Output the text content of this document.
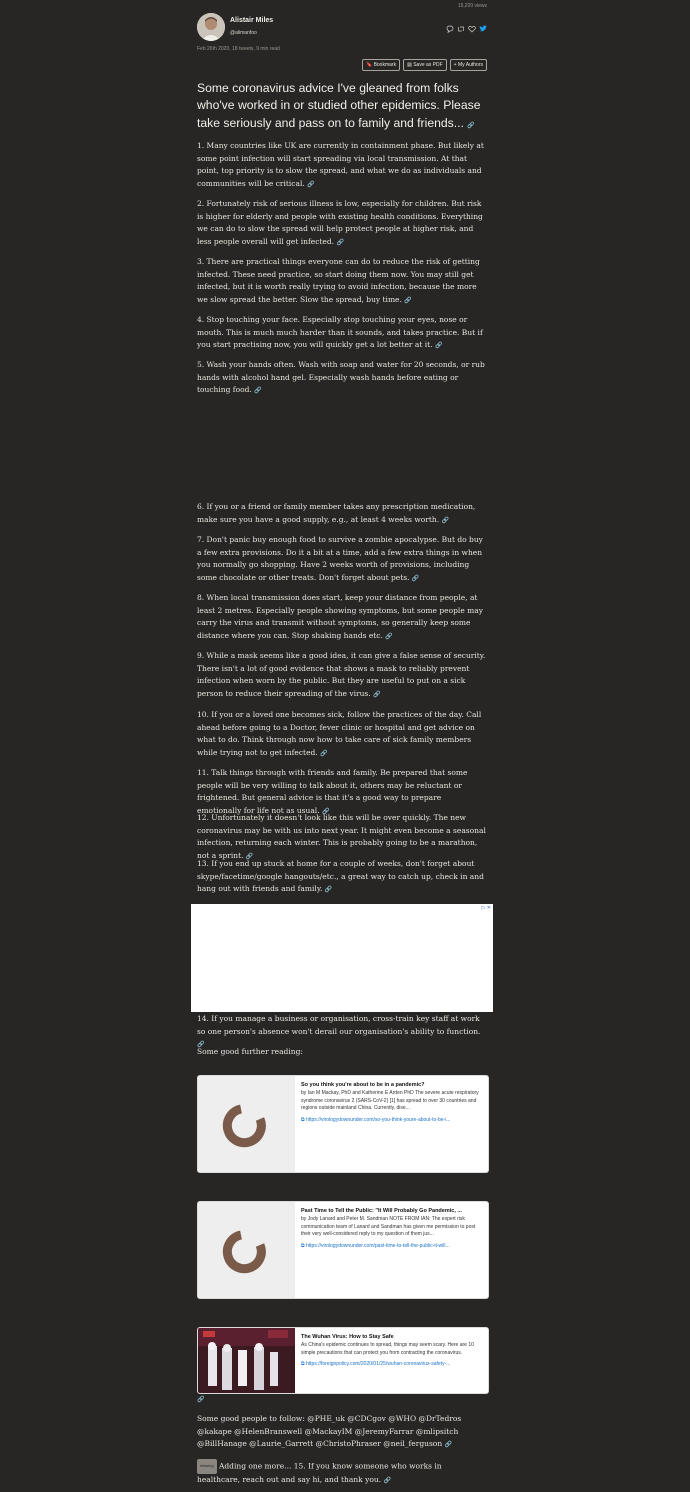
15,220 views
Alistair Miles
@alimanfoo
Feb 26th 2020, 18 tweets, 9 min read
🔖 Bookmark	▤ Save as PDF	+ My Authors
Some coronavirus advice I've gleaned from folks who've worked in or studied other epidemics. Please take seriously and pass on to family and friends... 🔗
1. Many countries like UK are currently in containment phase. But likely at some point infection will start spreading via local transmission. At that point, top priority is to slow the spread, and what we do as individuals and communities will be critical. 🔗
2. Fortunately risk of serious illness is low, especially for children. But risk is higher for elderly and people with existing health conditions. Everything we can do to slow the spread will help protect people at higher risk, and less people overall will get infected. 🔗
3. There are practical things everyone can do to reduce the risk of getting infected. These need practice, so start doing them now. You may still get infected, but it is worth really trying to avoid infection, because the more we slow spread the better. Slow the spread, buy time. 🔗
4. Stop touching your face. Especially stop touching your eyes, nose or mouth. This is much much harder than it sounds, and takes practice. But if you start practising now, you will quickly get a lot better at it. 🔗
5. Wash your hands often. Wash with soap and water for 20 seconds, or rub hands with alcohol hand gel. Especially wash hands before eating or touching food. 🔗
6. If you or a friend or family member takes any prescription medication, make sure you have a good supply, e.g., at least 4 weeks worth. 🔗
7. Don't panic buy enough food to survive a zombie apocalypse. But do buy a few extra provisions. Do it a bit at a time, add a few extra things in when you normally go shopping. Have 2 weeks worth of provisions, including some chocolate or other treats. Don't forget about pets. 🔗
8. When local transmission does start, keep your distance from people, at least 2 metres. Especially people showing symptoms, but some people may carry the virus and transmit without symptoms, so generally keep some distance where you can. Stop shaking hands etc. 🔗
9. While a mask seems like a good idea, it can give a false sense of security. There isn't a lot of good evidence that shows a mask to reliably prevent infection when worn by the public. But they are useful to put on a sick person to reduce their spreading of the virus. 🔗
10. If you or a loved one becomes sick, follow the practices of the day. Call ahead before going to a Doctor, fever clinic or hospital and get advice on what to do. Think through now how to take care of sick family members while trying not to get infected. 🔗
11. Talk things through with friends and family. Be prepared that some people will be very willing to talk about it, others may be reluctant or frightened. But general advice is that it's a good way to prepare emotionally for life not as usual. 🔗
12. Unfortunately it doesn't look like this will be over quickly. The new coronavirus may be with us into next year. It might even become a seasonal infection, returning each winter. This is probably going to be a marathon, not a sprint. 🔗
13. If you end up stuck at home for a couple of weeks, don't forget about skype/facetime/google hangouts/etc., a great way to catch up, check in and hang out with friends and family. 🔗
▷ ✕
14. If you manage a business or organisation, cross-train key staff at work so one person's absence won't derail our organisation's ability to function. 🔗
Some good further reading:
So you think you're about to be in a pandemic?
by Ian M Mackay, PhD and Katherine E Arden PhD The severe acute respiratory syndrome coronavirus 2 (SARS-CoV-2) [1] has spread to over 30 countries and regions outside mainland China. Currently, dise...
⧉ https://virologydownunder.com/so-you-think-youre-about-to-be-i...
Past Time to Tell the Public: "It Will Probably Go Pandemic, ...
by Jody Lanard and Peter M. Sandman NOTE FROM IAN: The expert risk communication team of Lanard and Sandman has given me permission to post their very well-considered reply to my question of them jus...
⧉ https://virologydownunder.com/past-time-to-tell-the-public-it-will...
The Wuhan Virus: How to Stay Safe
As China's epidemic continues to spread, things may seem scary. Here are 10 simple precautions that can protect you from contracting the coronavirus.
⧉ https://foreignpolicy.com/2020/01/25/wuhan-coronavirus-safety-...
🔗
Some good people to follow: @PHE_uk @CDCgov @WHO @DrTedros @kakape @HelenBranswell @MackayIM @JeremyFarrar @mlipsitch @BillHanage @Laurie_Garrett @ChristoPhraser @neil_ferguson 🔗
missing Adding one more... 15. If you know someone who works in healthcare, reach out and say hi, and thank you. 🔗
